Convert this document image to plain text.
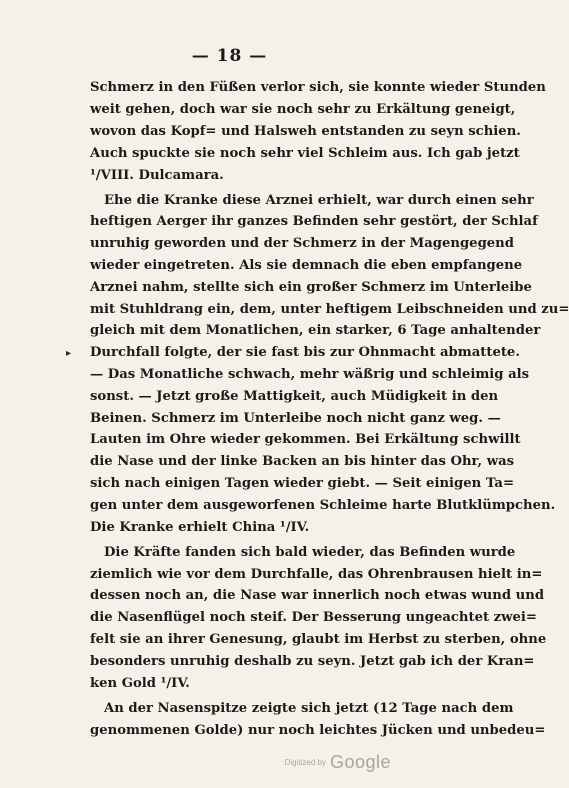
— 18 —
▸
Schmerz in den Füßen verlor sich, sie konnte wieder Stunden
weit gehen, doch war sie noch sehr zu Erkältung geneigt,
wovon das Kopf= und Halsweh entstanden zu seyn schien.
Auch spuckte sie noch sehr viel Schleim aus. Ich gab jetzt
¹/VIII. Dulcamara.
Ehe die Kranke diese Arznei erhielt, war durch einen sehr
heftigen Aerger ihr ganzes Befinden sehr gestört, der Schlaf
unruhig geworden und der Schmerz in der Magengegend
wieder eingetreten. Als sie demnach die eben empfangene
Arznei nahm, stellte sich ein großer Schmerz im Unterleibe
mit Stuhldrang ein, dem, unter heftigem Leibschneiden und zu=
gleich mit dem Monatlichen, ein starker, 6 Tage anhaltender
Durchfall folgte, der sie fast bis zur Ohnmacht abmattete.
— Das Monatliche schwach, mehr wäßrig und schleimig als
sonst. — Jetzt große Mattigkeit, auch Müdigkeit in den
Beinen. Schmerz im Unterleibe noch nicht ganz weg. —
Lauten im Ohre wieder gekommen. Bei Erkältung schwillt
die Nase und der linke Backen an bis hinter das Ohr, was
sich nach einigen Tagen wieder giebt. — Seit einigen Ta=
gen unter dem ausgeworfenen Schleime harte Blutklümpchen.
Die Kranke erhielt China ¹/IV.
Die Kräfte fanden sich bald wieder, das Befinden wurde
ziemlich wie vor dem Durchfalle, das Ohrenbrausen hielt in=
dessen noch an, die Nase war innerlich noch etwas wund und
die Nasenflügel noch steif. Der Besserung ungeachtet zwei=
felt sie an ihrer Genesung, glaubt im Herbst zu sterben, ohne
besonders unruhig deshalb zu seyn. Jetzt gab ich der Kran=
ken Gold ¹/IV.
An der Nasenspitze zeigte sich jetzt (12 Tage nach dem
genommenen Golde) nur noch leichtes Jücken und unbedeu=
Digitized by Google
